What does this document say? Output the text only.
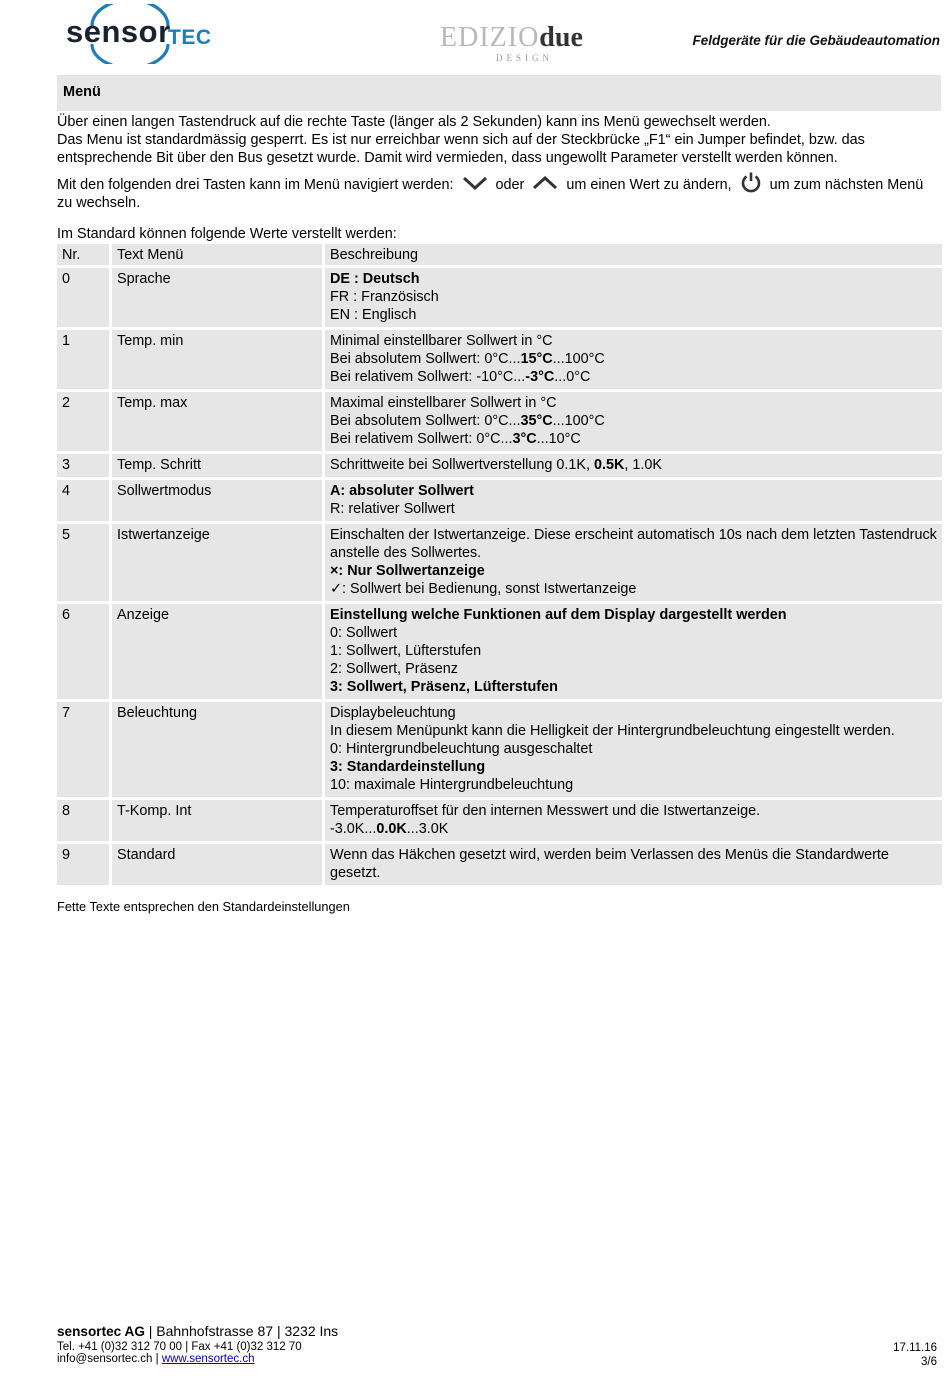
sensor
TEC	EDIZIOdue
DESIGN
Feldgeräte für die Gebäudeautomation
Menü

Über einen langen Tastendruck auf die rechte Taste (länger als 2 Sekunden) kann ins Menü gewechselt werden.

Das Menu ist standardmässig gesperrt. Es ist nur erreichbar wenn sich auf der Steckbrücke „F1“ ein Jumper befindet, bzw. das entsprechende Bit über den Bus gesetzt wurde. Damit wird vermieden, dass ungewollt Parameter verstellt werden können.

Mit den folgenden drei Tasten kann im Menü navigiert werden:	oder	um einen Wert zu ändern,	um zum nächsten Menü zu wechseln.

Im Standard können folgende Werte verstellt werden:
Nr.	Text Menü	Beschreibung
0	Sprache	DE : Deutsch
FR : Französisch
EN : Englisch

1	Temp. min	Minimal einstellbarer Sollwert in °C
Bei absolutem Sollwert: 0°C...15°C...100°C
Bei relativem Sollwert: -10°C...-3°C...0°C

2	Temp. max	Maximal einstellbarer Sollwert in °C
Bei absolutem Sollwert: 0°C...35°C...100°C
Bei relativem Sollwert: 0°C...3°C...10°C

3	Temp. Schritt	Schrittweite bei Sollwertverstellung 0.1K, 0.5K, 1.0K

4	Sollwertmodus	A: absoluter Sollwert
R: relativer Sollwert

5	Istwertanzeige	Einschalten der Istwertanzeige. Diese erscheint automatisch 10s nach dem letzten Tastendruck anstelle des Sollwertes.
×: Nur Sollwertanzeige
✓: Sollwert bei Bedienung, sonst Istwertanzeige

6	Anzeige	Einstellung welche Funktionen auf dem Display dargestellt werden
0: Sollwert
1: Sollwert, Lüfterstufen
2: Sollwert, Präsenz
3: Sollwert, Präsenz, Lüfterstufen

7	Beleuchtung	Displaybeleuchtung
In diesem Menüpunkt kann die Helligkeit der Hintergrundbeleuchtung eingestellt werden.
0: Hintergrundbeleuchtung ausgeschaltet
3: Standardeinstellung
10: maximale Hintergrundbeleuchtung

8	T-Komp. Int	Temperaturoffset für den internen Messwert und die Istwertanzeige.
-3.0K...0.0K...3.0K

9	Standard	Wenn das Häkchen gesetzt wird, werden beim Verlassen des Menüs die Standardwerte gesetzt.
Fette Texte entsprechen den Standardeinstellungen
sensortec AG | Bahnhofstrasse 87 | 3232 Ins
Tel. +41 (0)32 312 70 00 | Fax +41 (0)32 312 70
info@sensortec.ch | www.sensortec.ch
17.11.16
3/6
